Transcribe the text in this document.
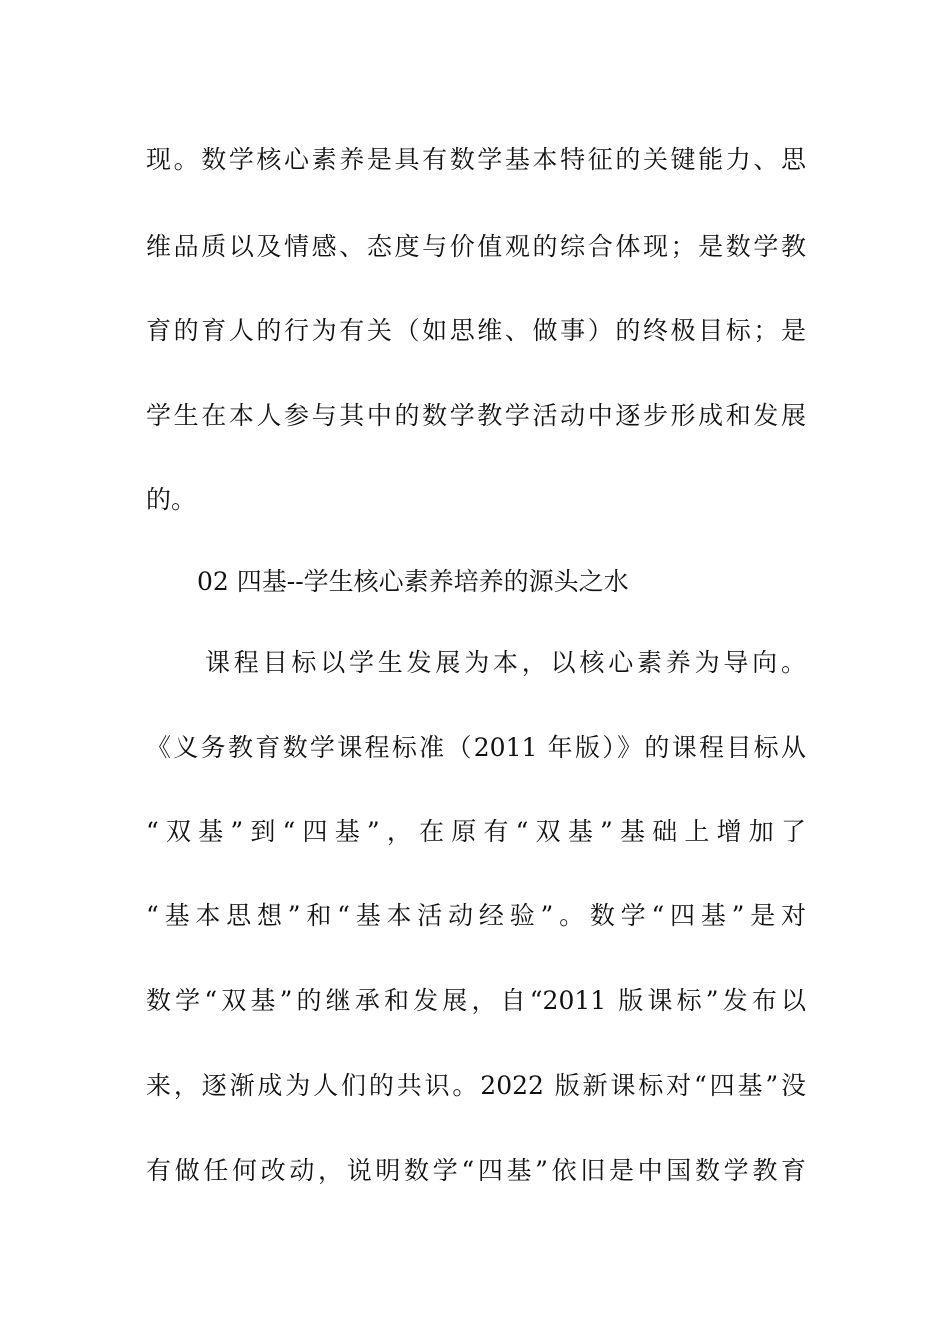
现。数学核心素养是具有数学基本特征的关键能力、思
维品质以及情感、态度与价值观的综合体现；是数学教
育的育人的行为有关（如思维、做事）的终极目标；是
学生在本人参与其中的数学教学活动中逐步形成和发展
的。
02 四基--学生核心素养培养的源头之水
课程目标以学生发展为本，以核心素养为导向。
《义务教育数学课程标准（2011 年版）》的课程目标从
“双基”到“四基”，在原有“双基”基础上增加了
“基本思想”和“基本活动经验”。数学“四基”是对
数学“双基”的继承和发展，自“2011 版课标”发布以
来，逐渐成为人们的共识。2022 版新课标对“四基”没
有做任何改动，说明数学“四基”依旧是中国数学教育
